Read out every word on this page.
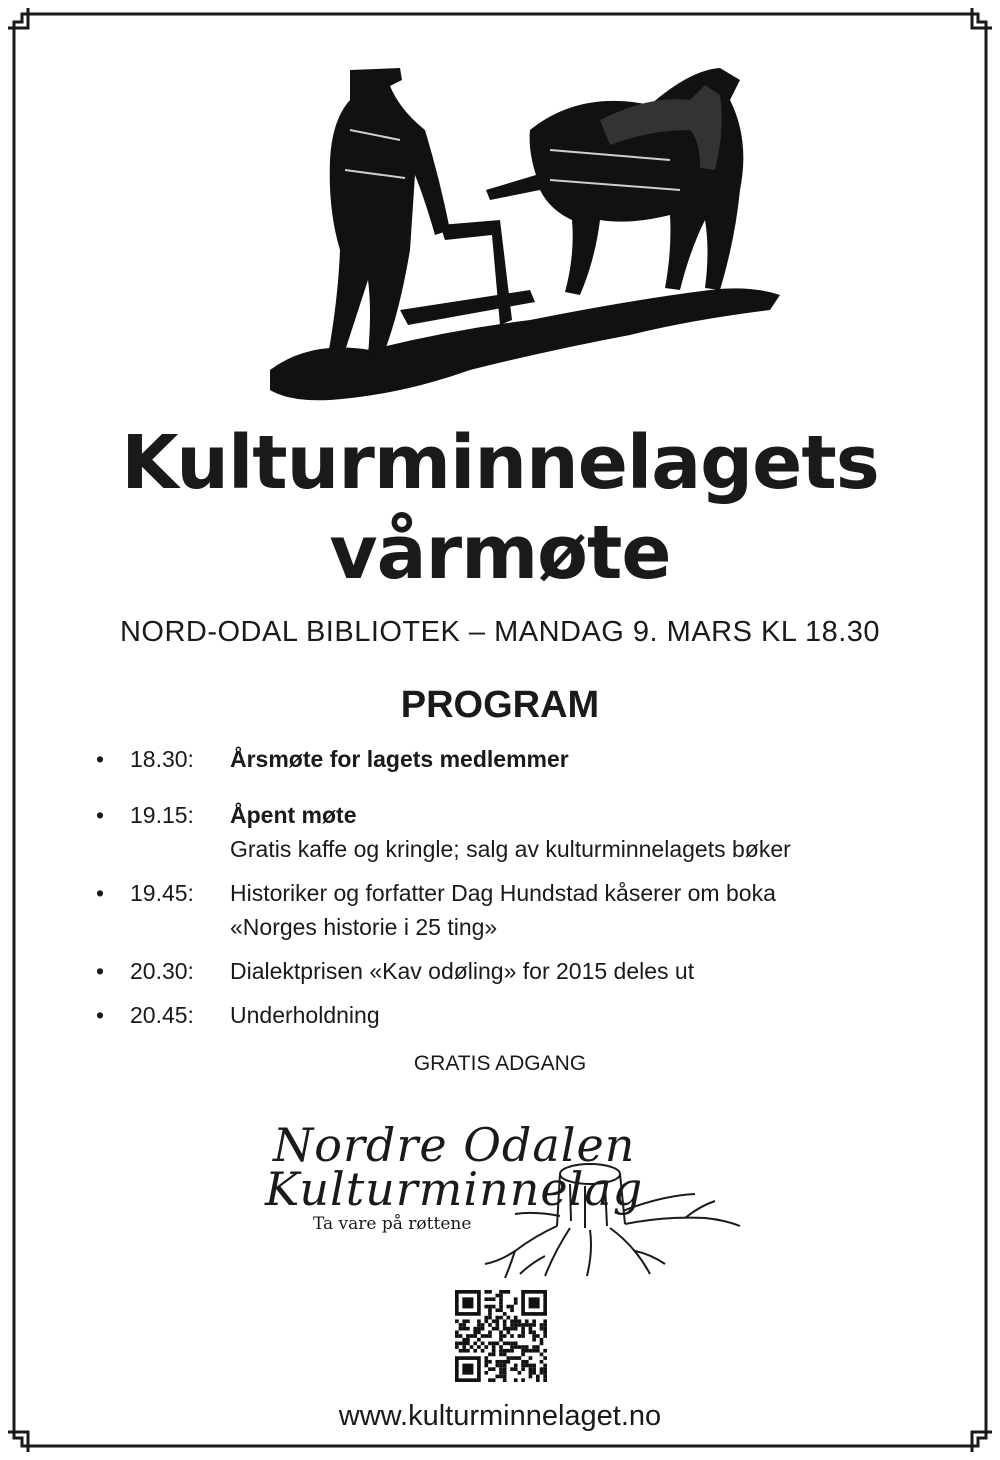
Kulturminnelagets
vårmøte
NORD-ODAL BIBLIOTEK – MANDAG 9. MARS KL 18.30
PROGRAM
•	18.30:	Årsmøte for lagets medlemmer
•	19.15:	Åpent møte
Gratis kaffe og kringle; salg av kulturminnelagets bøker
•	19.45:	Historiker og forfatter Dag Hundstad kåserer om boka
«Norges historie i 25 ting»
•	20.30:	Dialektprisen «Kav odøling» for 2015 deles ut
•	20.45:	Underholdning
GRATIS ADGANG
Nordre Odalen
Kulturminnelag
Ta vare på røttene
www.kulturminnelaget.no
